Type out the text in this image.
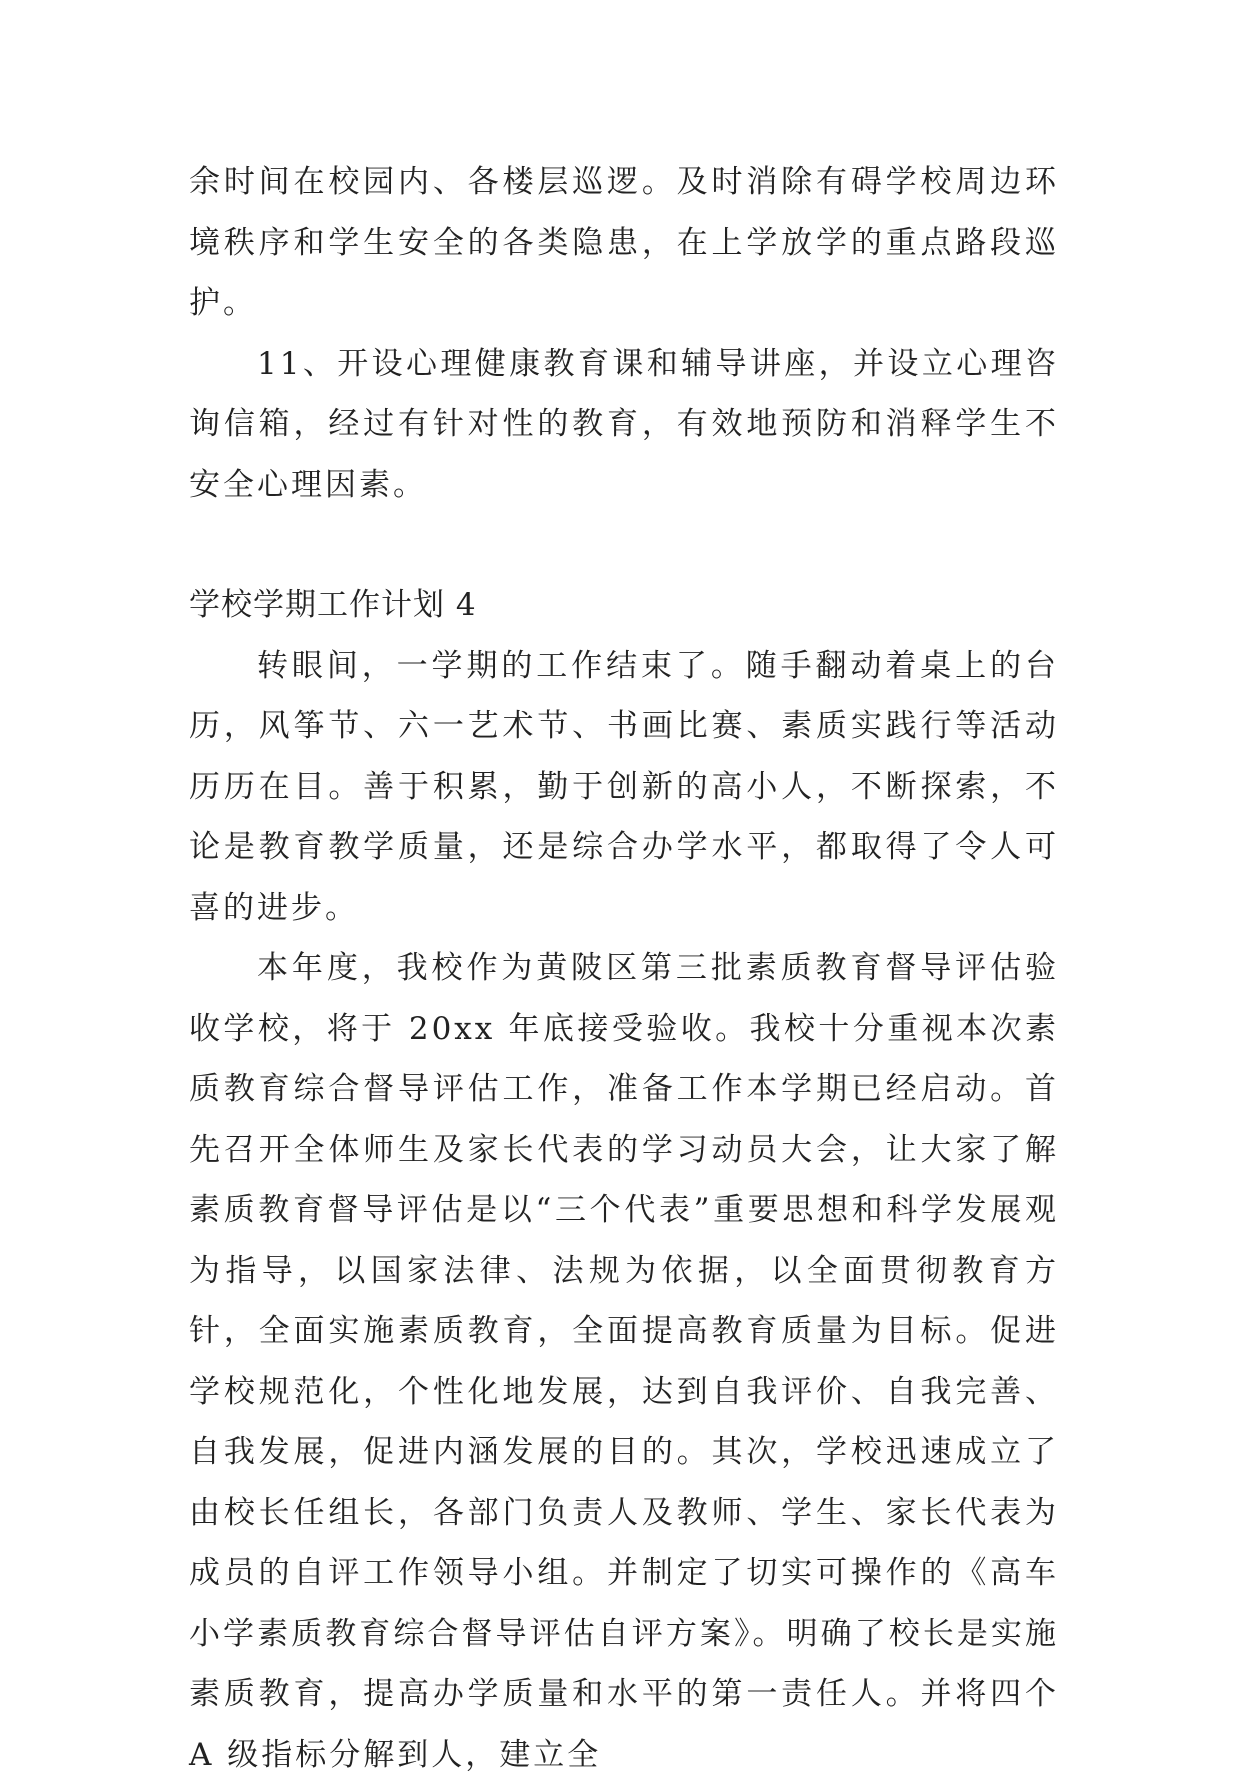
余时间在校园内、各楼层巡逻。及时消除有碍学校周边环境秩序和学生安全的各类隐患，在上学放学的重点路段巡护。

11、开设心理健康教育课和辅导讲座，并设立心理咨询信箱，经过有针对性的教育，有效地预防和消释学生不安全心理因素。

学校学期工作计划 4

转眼间，一学期的工作结束了。随手翻动着桌上的台历，风筝节、六一艺术节、书画比赛、素质实践行等活动历历在目。善于积累，勤于创新的高小人，不断探索，不论是教育教学质量，还是综合办学水平，都取得了令人可喜的进步。

本年度，我校作为黄陂区第三批素质教育督导评估验收学校，将于 20xx 年底接受验收。我校十分重视本次素质教育综合督导评估工作，准备工作本学期已经启动。首先召开全体师生及家长代表的学习动员大会，让大家了解素质教育督导评估是以“三个代表”重要思想和科学发展观为指导，以国家法律、法规为依据，以全面贯彻教育方针，全面实施素质教育，全面提高教育质量为目标。促进学校规范化，个性化地发展，达到自我评价、自我完善、自我发展，促进内涵发展的目的。其次，学校迅速成立了由校长任组长，各部门负责人及教师、学生、家长代表为成员的自评工作领导小组。并制定了切实可操作的《高车小学素质教育综合督导评估自评方案》。明确了校长是实施素质教育，提高办学质量和水平的第一责任人。并将四个 A 级指标分解到人，建立全
